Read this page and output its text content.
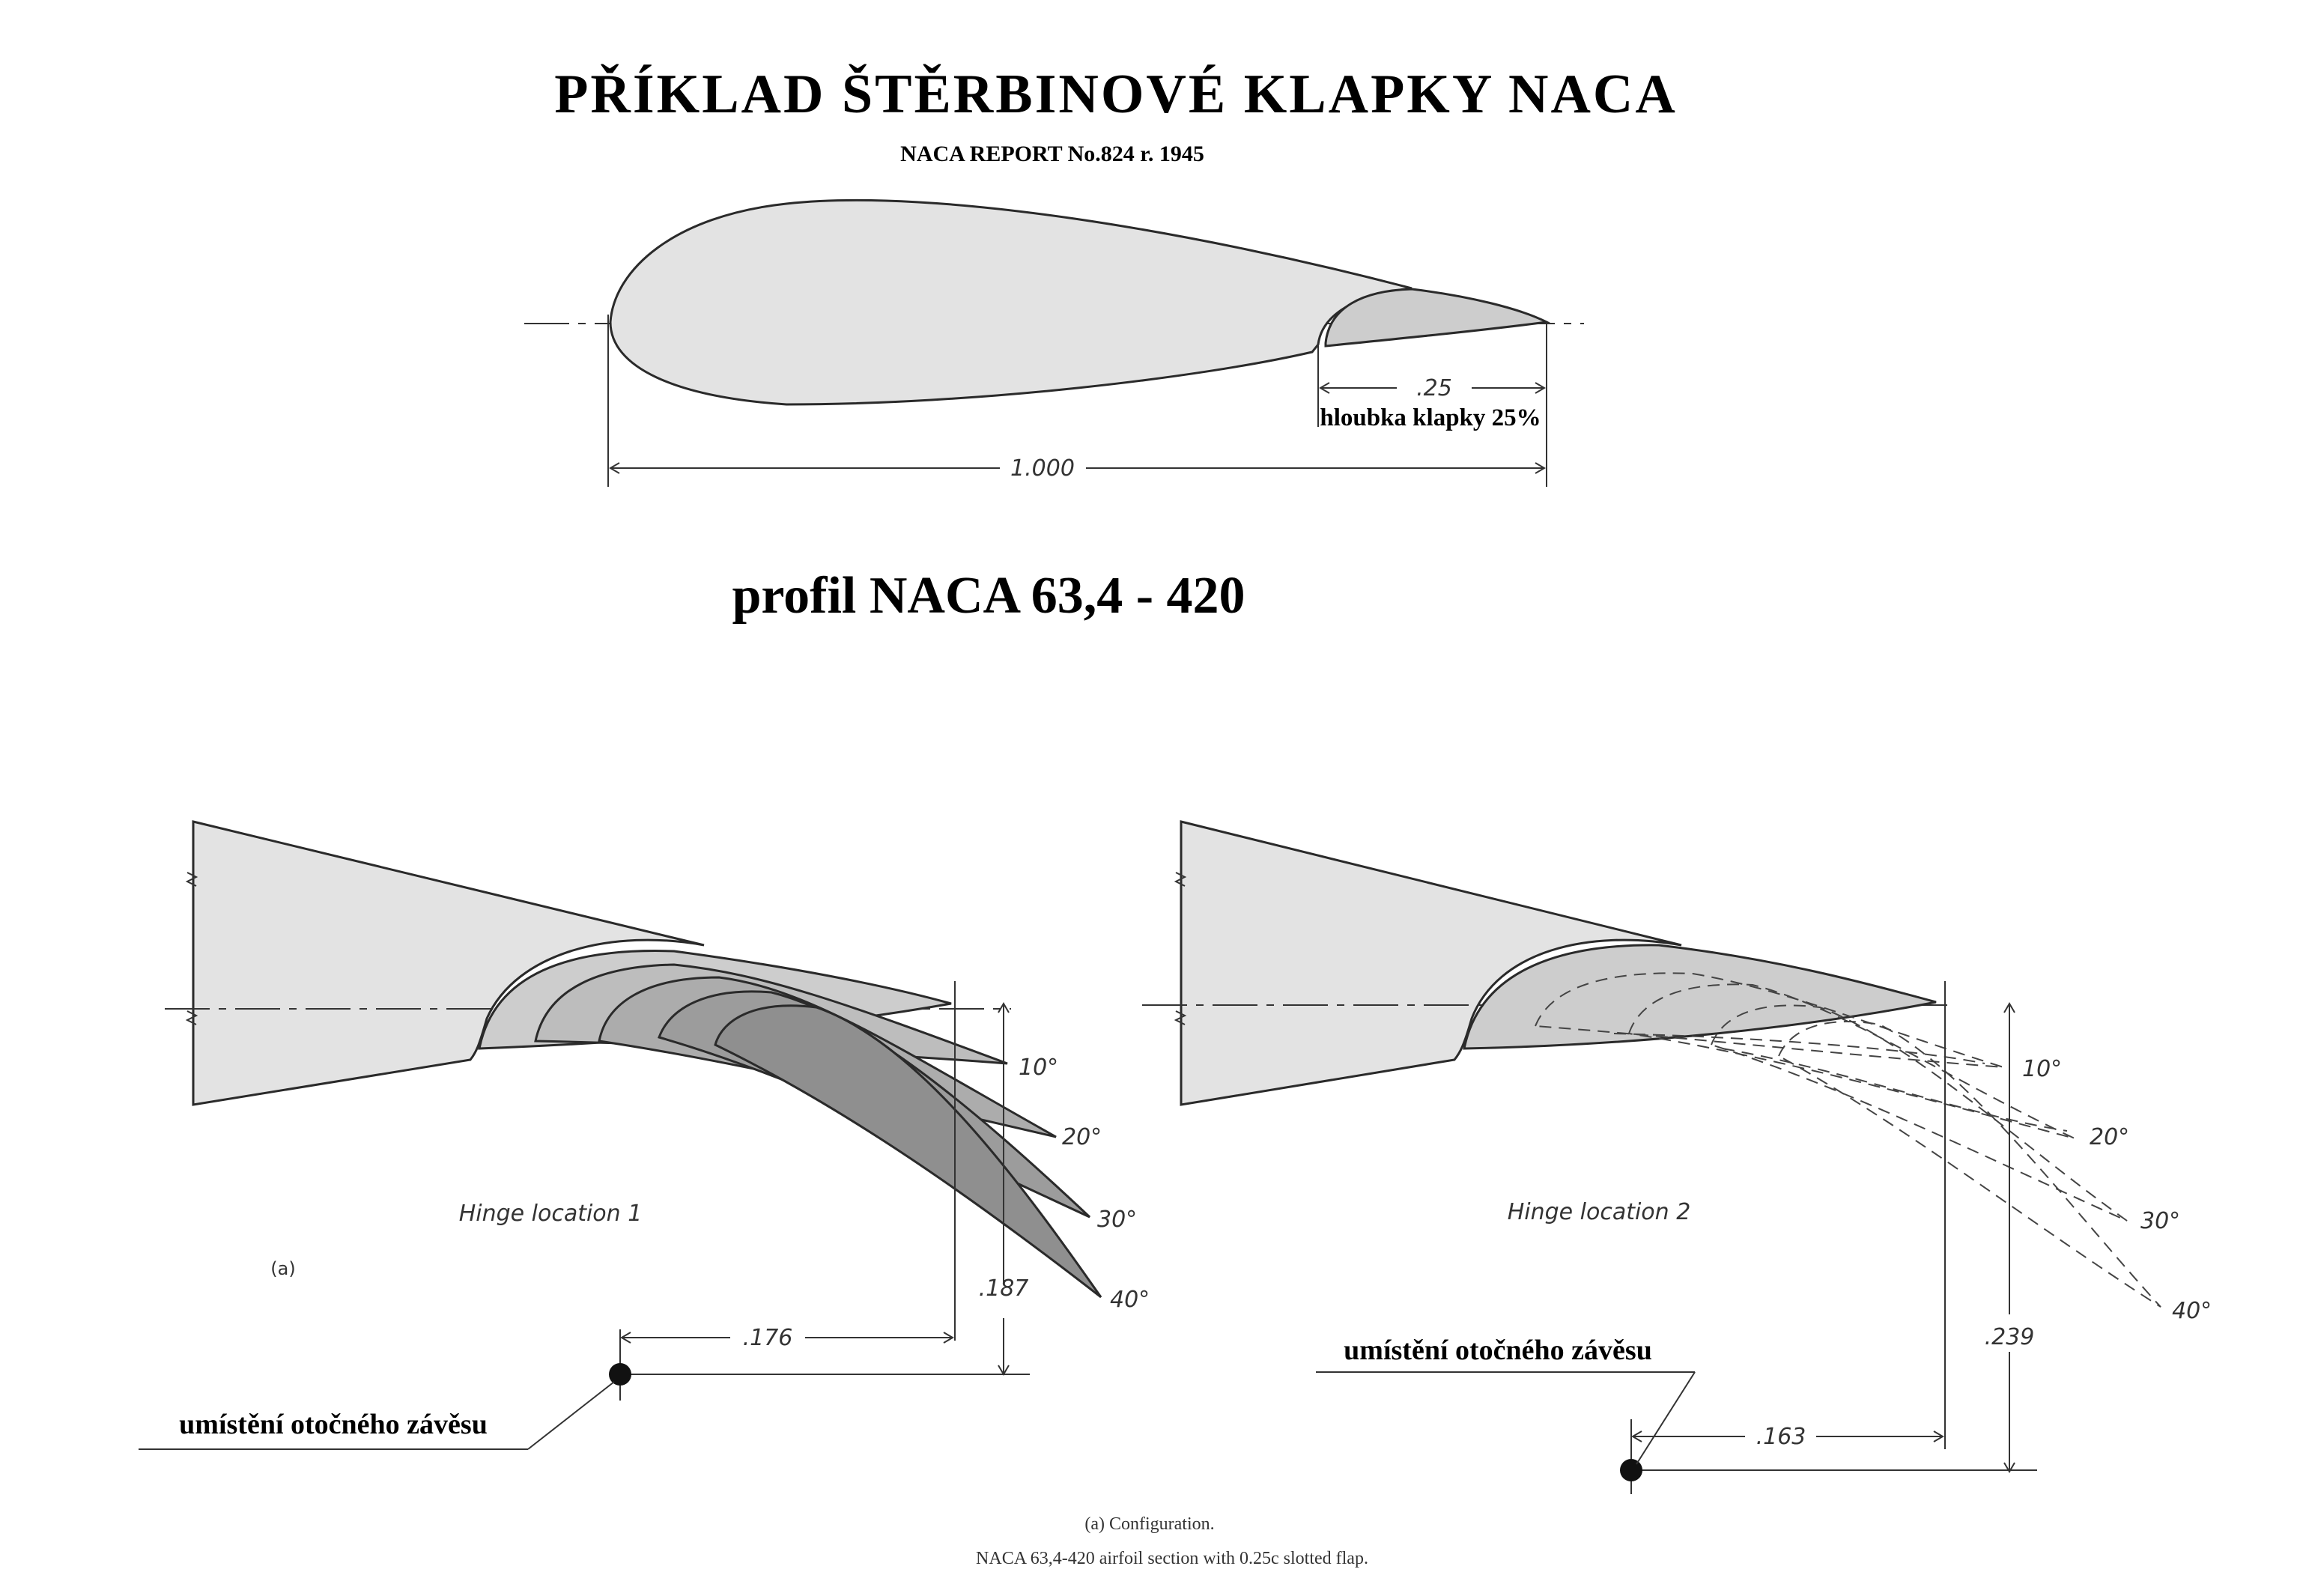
PŘÍKLAD ŠTĚRBINOVÉ KLAPKY NACA
NACA REPORT No.824 r. 1945
.25
hloubka klapky 25%
1.000
profil NACA 63,4 - 420
10°
20°
30°
40°
Hinge location 1
(a)
.187
.176
umístění otočného závěsu
10°
20°
30°
40°
Hinge location 2
.239
.163
umístění otočného závěsu
(a) Configuration.
NACA 63,4-420 airfoil section with 0.25c slotted flap.
